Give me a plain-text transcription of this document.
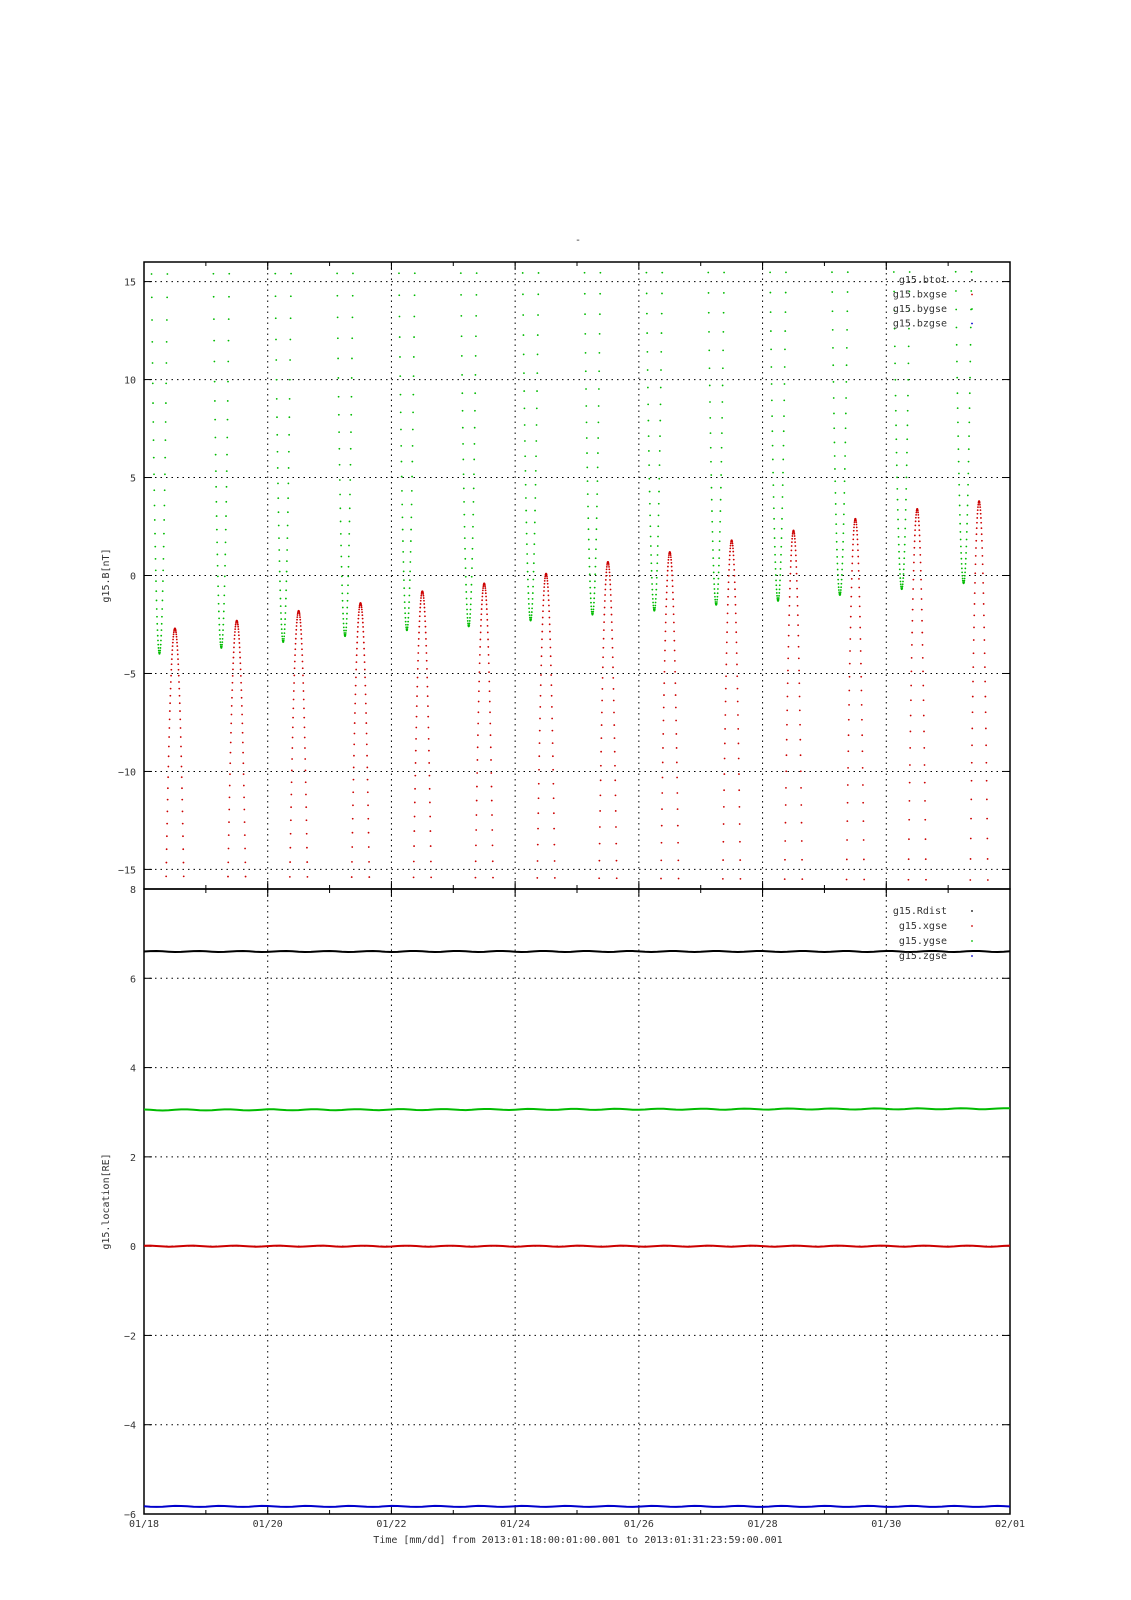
-
15
10
5
0
−5
−10
−15
g15.B[nT]
g15.btot
g15.bxgse
g15.bygse
g15.bzgse
8
6
4
2
0
−2
−4
−6
g15.location[RE]
g15.Rdist
g15.xgse
g15.ygse
g15.zgse
01/18	01/20	01/22	01/24	01/26	01/28	01/30	02/01
Time [mm/dd] from 2013:01:18:00:01:00.001 to 2013:01:31:23:59:00.001
